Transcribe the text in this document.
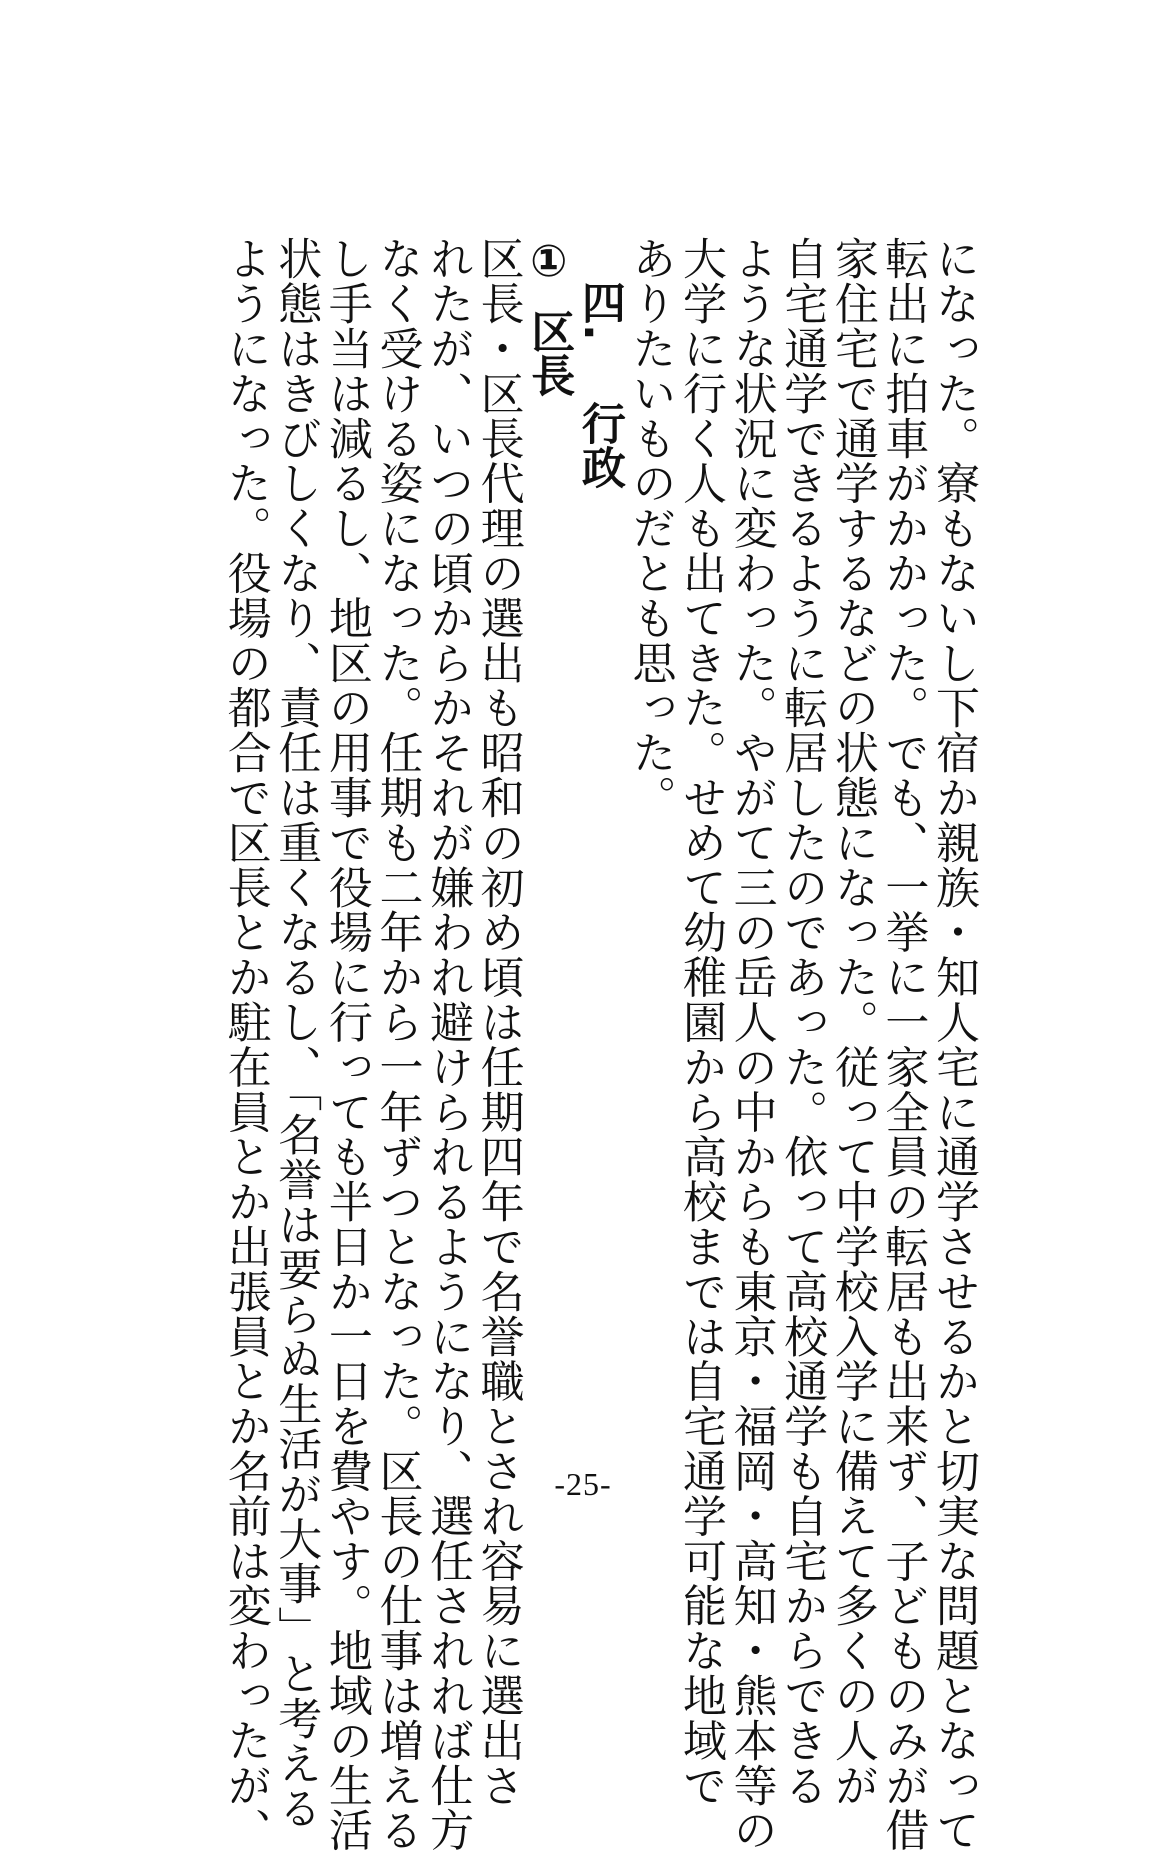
になった。寮もないし下宿か親族・知人宅に通学させるかと切実な問題となって
転出に拍車がかかった。でも、一挙に一家全員の転居も出来ず、子どものみが借
家住宅で通学するなどの状態になった。従って中学校入学に備えて多くの人が
自宅通学できるように転居したのであった。依って高校通学も自宅からできる
ような状況に変わった。やがて三の岳人の中からも東京・福岡・高知・熊本等の
大学に行く人も出てきた。せめて幼稚園から高校までは自宅通学可能な地域で
ありたいものだとも思った。
四.行政
①区長
区長・区長代理の選出も昭和の初め頃は任期四年で名誉職とされ容易に選出さ
れたが、いつの頃からかそれが嫌われ避けられるようになり、選任されれば仕方
なく受ける姿になった。任期も二年から一年ずつとなった。区長の仕事は増える
し手当は減るし、地区の用事で役場に行っても半日か一日を費やす。地域の生活
状態はきびしくなり、責任は重くなるし、「名誉は要らぬ生活が大事」と考える
ようになった。役場の都合で区長とか駐在員とか出張員とか名前は変わったが、	-25-
